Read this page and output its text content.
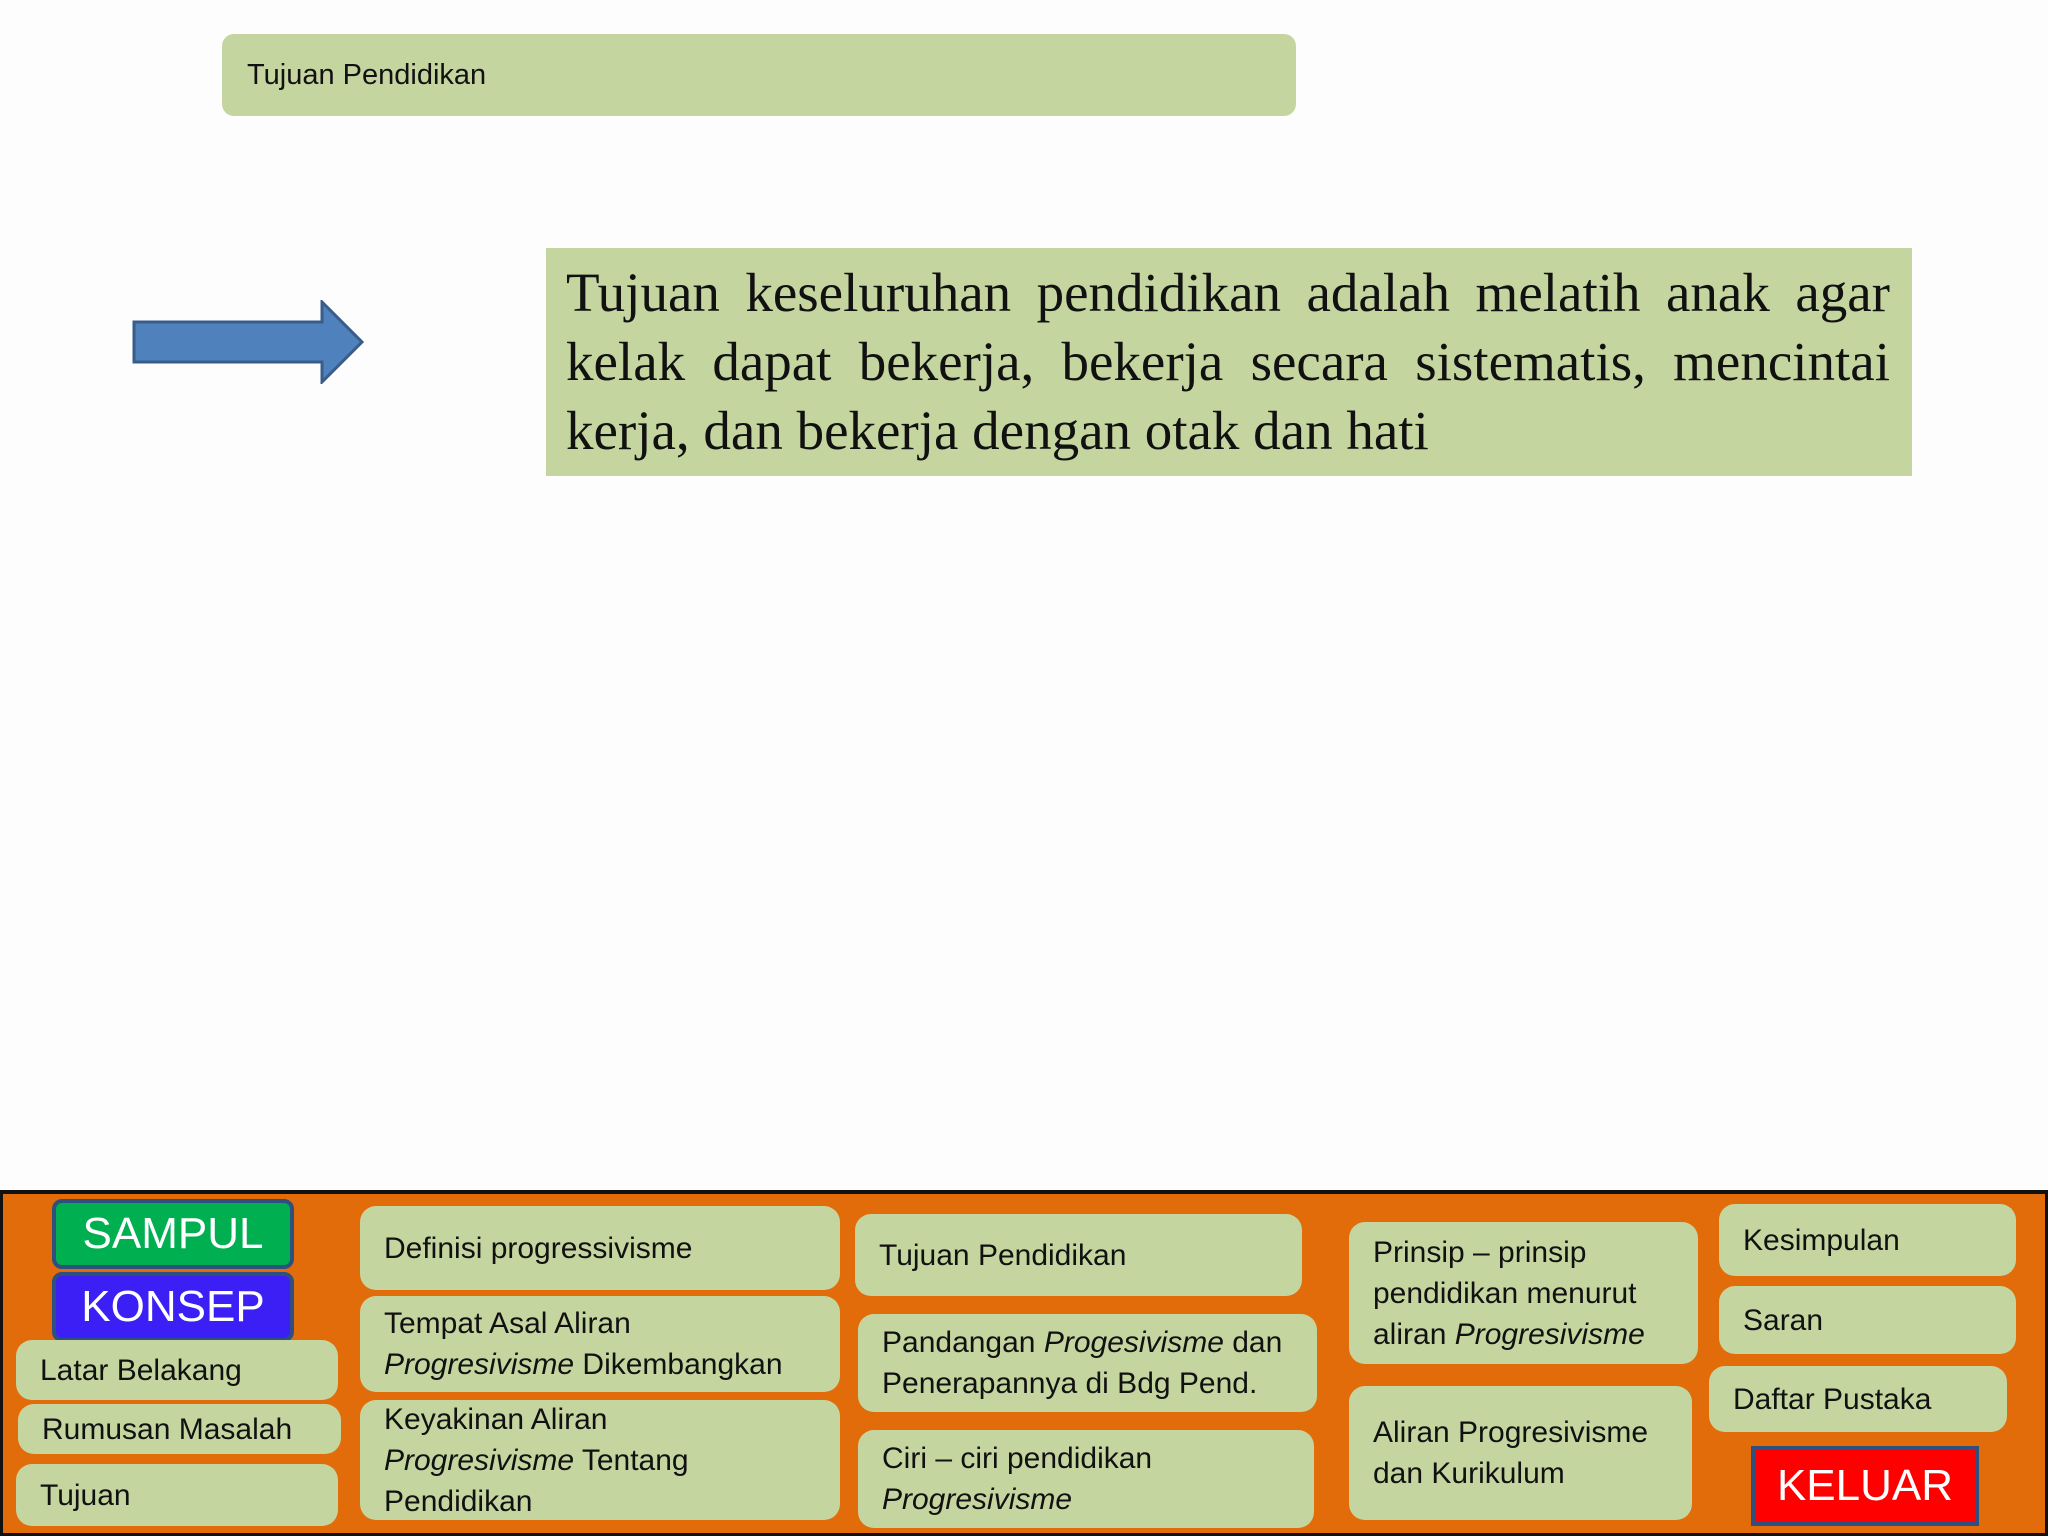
Tujuan Pendidikan
Tujuan keseluruhan pendidikan adalah melatih anak agar kelak dapat bekerja, bekerja secara sistematis, mencintai kerja, dan bekerja dengan otak dan hati
SAMPUL
KONSEP
Latar Belakang
Rumusan Masalah
Tujuan
Definisi progressivisme
Tempat Asal Aliran
Progresivisme Dikembangkan
Keyakinan Aliran
Progresivisme Tentang
Pendidikan
Tujuan Pendidikan
Pandangan Progesivisme dan
Penerapannya di Bdg Pend.
Ciri – ciri pendidikan
Progresivisme
Prinsip – prinsip
pendidikan menurut
aliran Progresivisme
Aliran Progresivisme
dan Kurikulum
Kesimpulan
Saran
Daftar Pustaka
KELUAR
